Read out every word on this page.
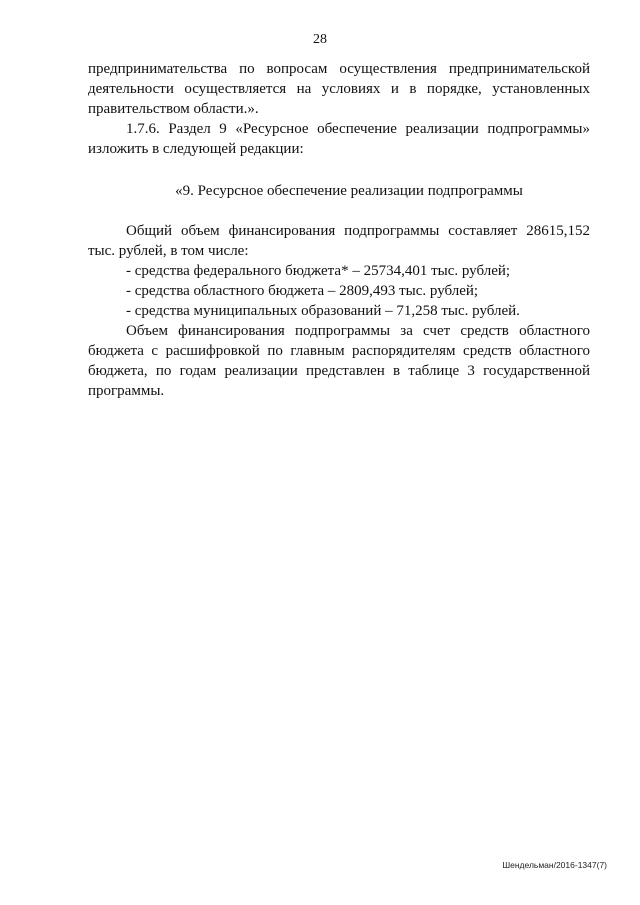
28

предпринимательства по вопросам осуществления предпринимательской деятельности осуществляется на условиях и в порядке, установленных правительством области.».

1.7.6. Раздел 9 «Ресурсное обеспечение реализации подпрограммы» изложить в следующей редакции:

«9. Ресурсное обеспечение реализации подпрограммы

Общий объем финансирования подпрограммы составляет 28615,152 тыс. рублей, в том числе:

- средства федерального бюджета* – 25734,401 тыс. рублей;

- средства областного бюджета – 2809,493 тыс. рублей;

- средства муниципальных образований – 71,258 тыс. рублей.

Объем финансирования подпрограммы за счет средств областного бюджета с расшифровкой по главным распорядителям средств областного бюджета, по годам реализации представлен в таблице 3 государственной программы.

Шендельман/2016-1347(7)
